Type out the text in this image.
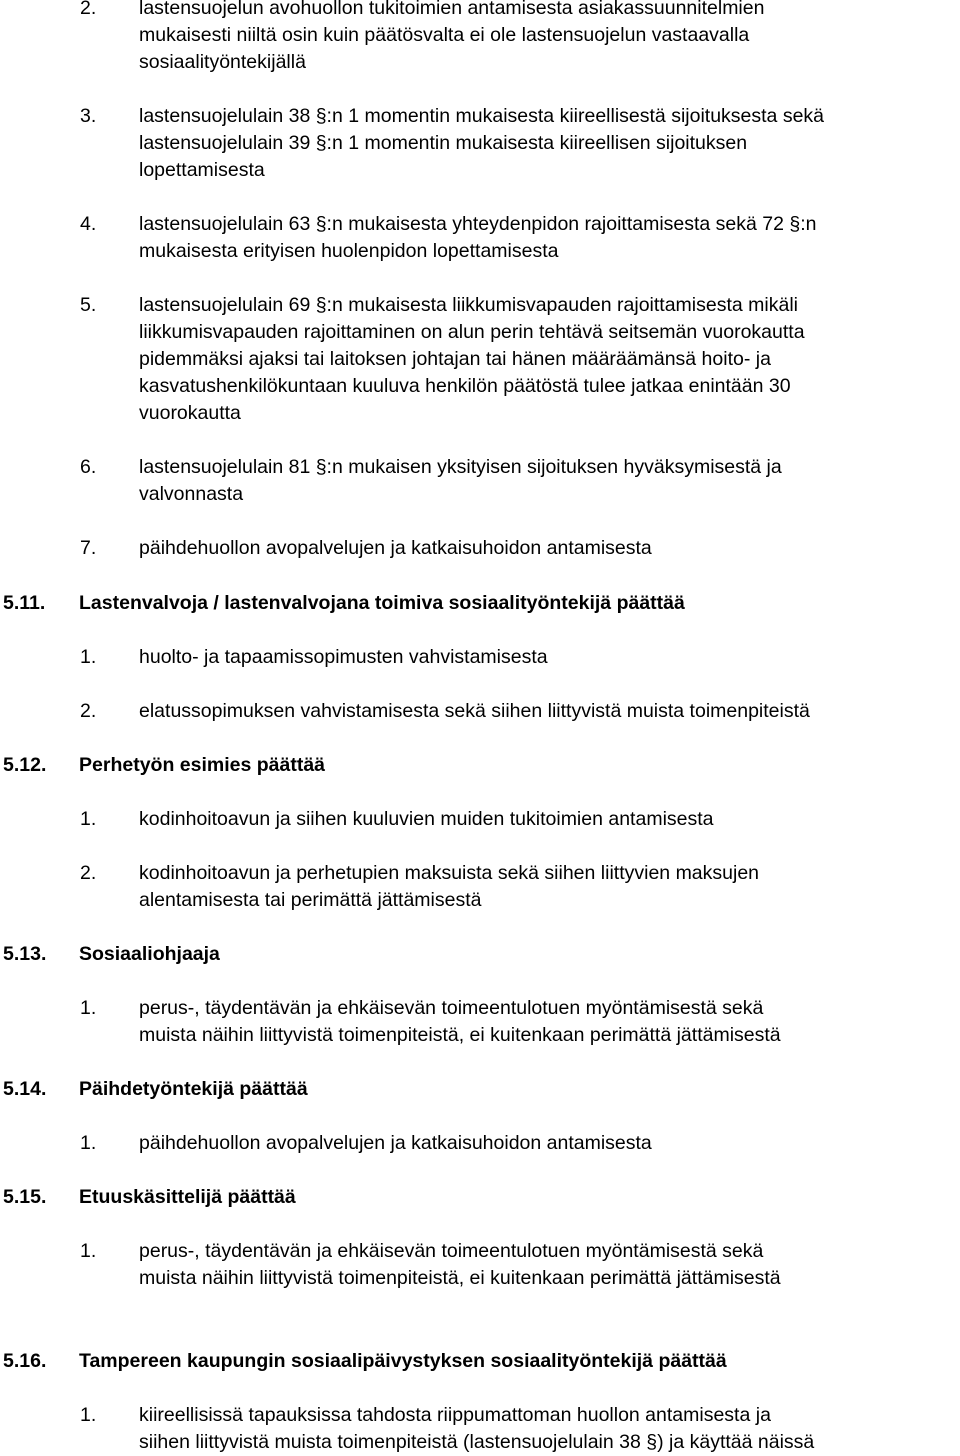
2. lastensuojelun avohuollon tukitoimien antamisesta asiakassuunnitelmien
mukaisesti niiltä osin kuin päätösvalta ei ole lastensuojelun vastaavalla
sosiaalityöntekijällä
3. lastensuojelulain 38 §:n 1 momentin mukaisesta kiireellisestä sijoituksesta sekä
lastensuojelulain 39 §:n 1 momentin mukaisesta kiireellisen sijoituksen
lopettamisesta
4. lastensuojelulain 63 §:n mukaisesta yhteydenpidon rajoittamisesta sekä 72 §:n
mukaisesta erityisen huolenpidon lopettamisesta
5. lastensuojelulain 69 §:n mukaisesta liikkumisvapauden rajoittamisesta mikäli
liikkumisvapauden rajoittaminen on alun perin tehtävä seitsemän vuorokautta
pidemmäksi ajaksi tai laitoksen johtajan tai hänen määräämänsä hoito- ja
kasvatushenkilökuntaan kuuluva henkilön päätöstä tulee jatkaa enintään 30
vuorokautta
6. lastensuojelulain 81 §:n mukaisen yksityisen sijoituksen hyväksymisestä ja
valvonnasta
7. päihdehuollon avopalvelujen ja katkaisuhoidon antamisesta
5.11. Lastenvalvoja / lastenvalvojana toimiva sosiaalityöntekijä päättää
1. huolto- ja tapaamissopimusten vahvistamisesta
2. elatussopimuksen vahvistamisesta sekä siihen liittyvistä muista toimenpiteistä
5.12. Perhetyön esimies päättää
1. kodinhoitoavun ja siihen kuuluvien muiden tukitoimien antamisesta
2. kodinhoitoavun ja perhetupien maksuista sekä siihen liittyvien maksujen
alentamisesta tai perimättä jättämisestä
5.13. Sosiaaliohjaaja
1. perus-, täydentävän ja ehkäisevän toimeentulotuen myöntämisestä sekä
muista näihin liittyvistä toimenpiteistä, ei kuitenkaan perimättä jättämisestä
5.14. Päihdetyöntekijä päättää
1. päihdehuollon avopalvelujen ja katkaisuhoidon antamisesta
5.15. Etuuskäsittelijä päättää
1. perus-, täydentävän ja ehkäisevän toimeentulotuen myöntämisestä sekä
muista näihin liittyvistä toimenpiteistä, ei kuitenkaan perimättä jättämisestä
5.16. Tampereen kaupungin sosiaalipäivystyksen sosiaalityöntekijä päättää
1. kiireellisissä tapauksissa tahdosta riippumattoman huollon antamisesta ja
siihen liittyvistä muista toimenpiteistä (lastensuojelulain 38 §) ja käyttää näissä
